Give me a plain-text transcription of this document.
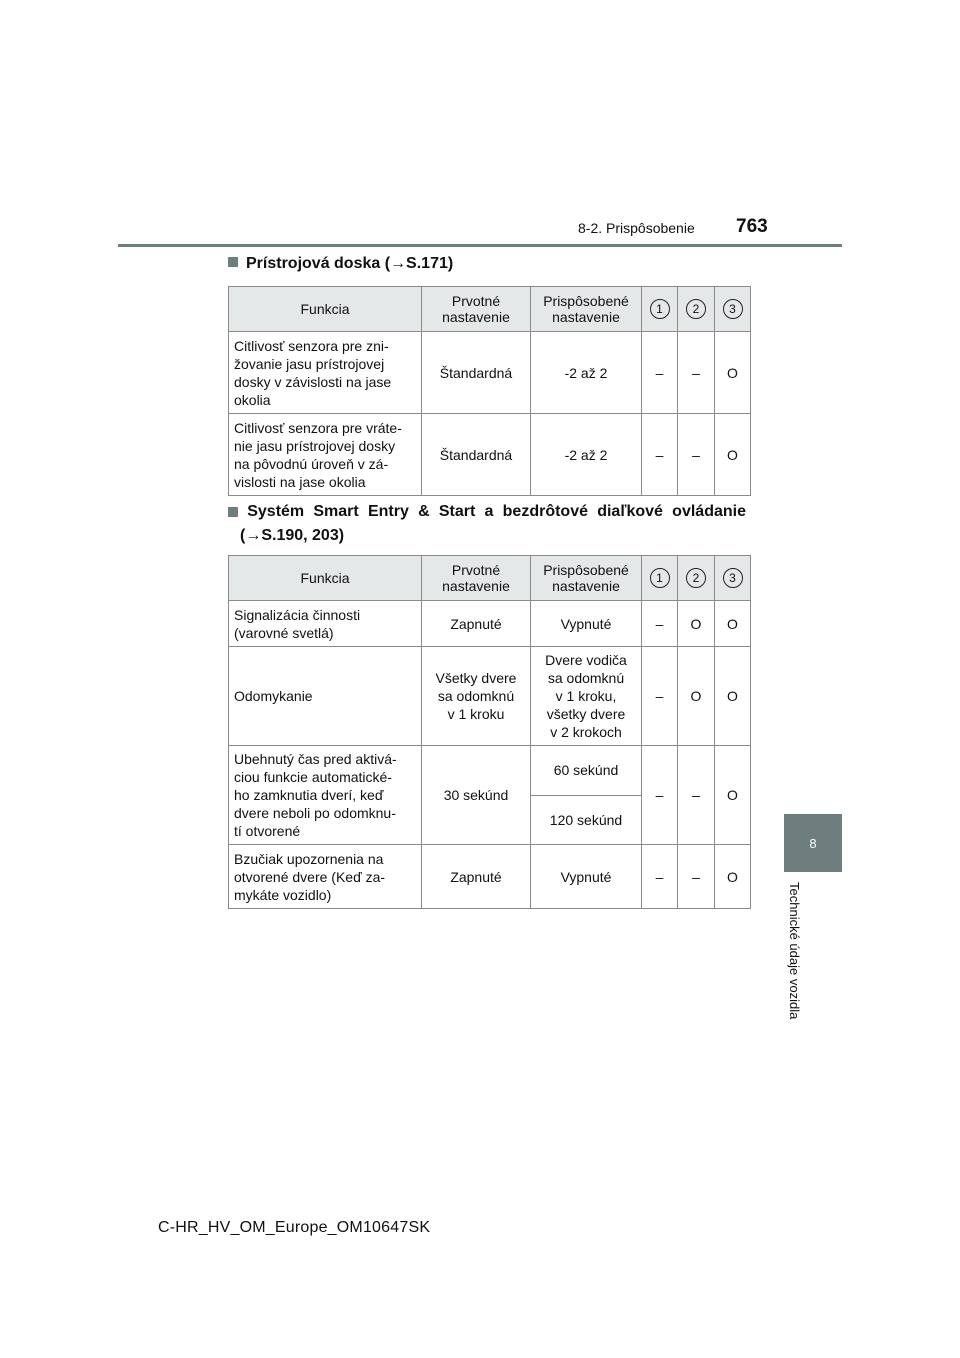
8-2. Prispôsobenie 763
8
Technické údaje vozidla
Prístrojová doska (→S.171)
Funkcia	Prvotné nastavenie	Prispôsobené nastavenie	1	2	3
Citlivosť senzora pre zni-
žovanie jasu prístrojovej
dosky v závislosti na jase
okolia	Štandardná	-2 až 2	–	–	O
Citlivosť senzora pre vráte-
nie jasu prístrojovej dosky
na pôvodnú úroveň v zá-
vislosti na jase okolia	Štandardná	-2 až 2	–	–	O
Systém Smart Entry & Start a bezdrôtové diaľkové ovládanie
(→S.190, 203)
Funkcia	Prvotné nastavenie	Prispôsobené nastavenie	1	2	3
Signalizácia činnosti
(varovné svetlá)	Zapnuté	Vypnuté	–	O	O
Odomykanie	Všetky dvere
sa odomknú
v 1 kroku	Dvere vodiča
sa odomknú
v 1 kroku,
všetky dvere
v 2 krokoch	–	O	O
Ubehnutý čas pred aktivá-
ciou funkcie automatické-
ho zamknutia dverí, keď
dvere neboli po odomknu-
tí otvorené	30 sekúnd	60 sekúnd	–	–	O
		120 sekúnd			
Bzučiak upozornenia na
otvorené dvere (Keď za-
mykáte vozidlo)	Zapnuté	Vypnuté	–	–	O
C-HR_HV_OM_Europe_OM10647SK
